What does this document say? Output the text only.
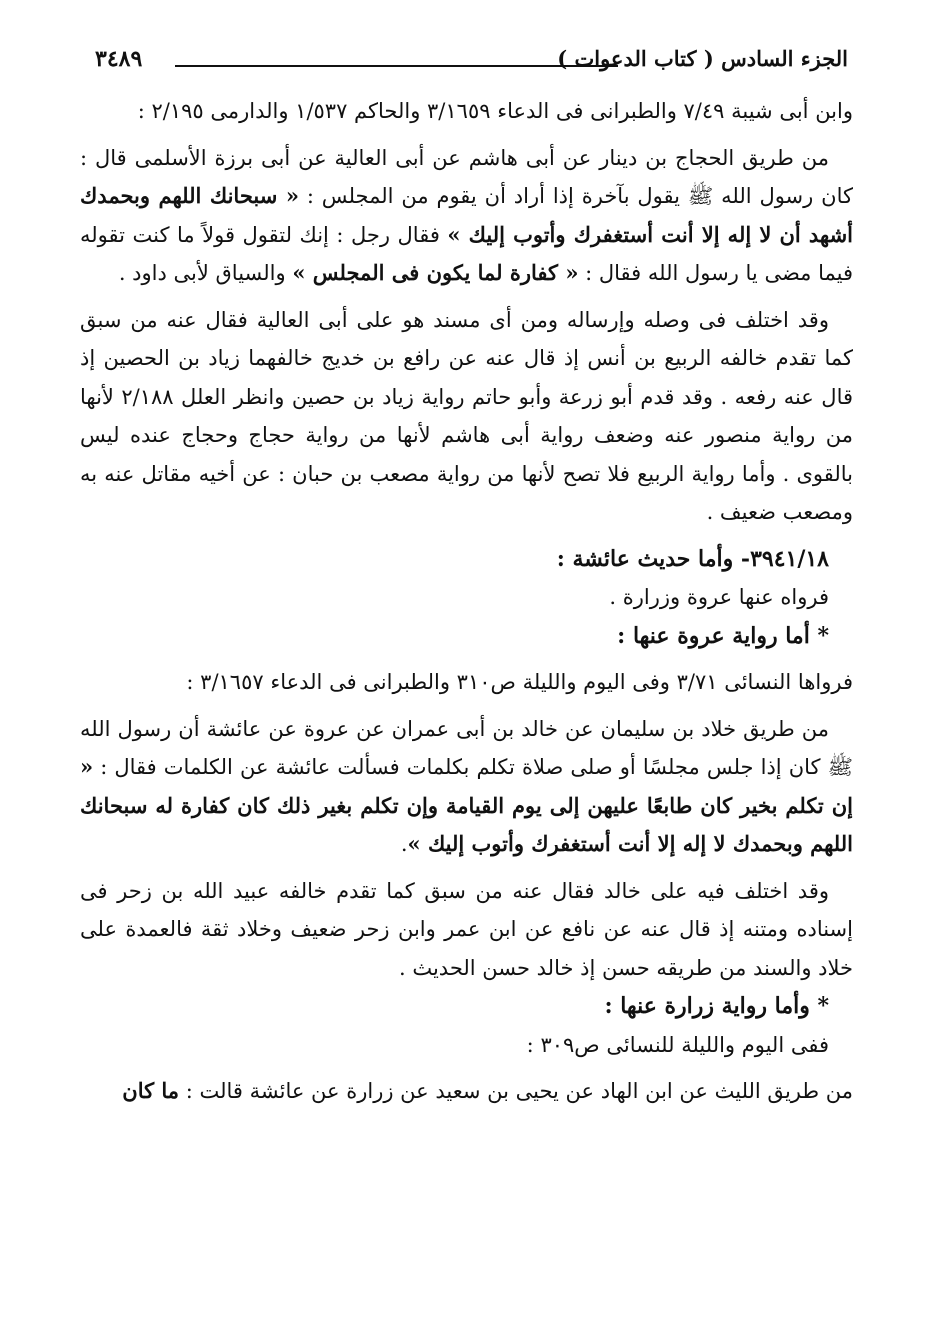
الجزء السادس ( كتاب الدعوات )
٣٤٨٩

وابن أبى شيبة ٧/٤٩ والطبرانى فى الدعاء ٣/١٦٥٩ والحاكم ١/٥٣٧ والدارمى ٢/١٩٥ :

من طريق الحجاج بن دينار عن أبى هاشم عن أبى العالية عن أبى برزة الأسلمى قال : كان رسول الله ﷺ يقول بآخرة إذا أراد أن يقوم من المجلس : « سبحانك اللهم وبحمدك أشهد أن لا إله إلا أنت أستغفرك وأتوب إليك » فقال رجل : إنك لتقول قولاً ما كنت تقوله فيما مضى يا رسول الله فقال : « كفارة لما يكون فى المجلس » والسياق لأبى داود .

وقد اختلف فى وصله وإرساله ومن أى مسند هو على أبى العالية فقال عنه من سبق كما تقدم خالفه الربيع بن أنس إذ قال عنه عن رافع بن خديج خالفهما زياد بن الحصين إذ قال عنه رفعه . وقد قدم أبو زرعة وأبو حاتم رواية زياد بن حصين وانظر العلل ٢/١٨٨ لأنها من رواية منصور عنه وضعف رواية أبى هاشم لأنها من رواية حجاج وحجاج عنده ليس بالقوى . وأما رواية الربيع فلا تصح لأنها من رواية مصعب بن حبان : عن أخيه مقاتل عنه به ومصعب ضعيف .

٣٩٤١/١٨- وأما حديث عائشة :

فرواه عنها عروة وزرارة .

* أما رواية عروة عنها :

فرواها النسائى ٣/٧١ وفى اليوم والليلة ص٣١٠ والطبرانى فى الدعاء ٣/١٦٥٧ :

من طريق خلاد بن سليمان عن خالد بن أبى عمران عن عروة عن عائشة أن رسول الله ﷺ كان إذا جلس مجلسًا أو صلى صلاة تكلم بكلمات فسألت عائشة عن الكلمات فقال : « إن تكلم بخير كان طابعًا عليهن إلى يوم القيامة وإن تكلم بغير ذلك كان كفارة له سبحانك اللهم وبحمدك لا إله إلا أنت أستغفرك وأتوب إليك ».

وقد اختلف فيه على خالد فقال عنه من سبق كما تقدم خالفه عبيد الله بن زحر فى إسناده ومتنه إذ قال عنه عن نافع عن ابن عمر وابن زحر ضعيف وخلاد ثقة فالعمدة على خلاد والسند من طريقه حسن إذ خالد حسن الحديث .

* وأما رواية زرارة عنها :

ففى اليوم والليلة للنسائى ص٣٠٩ :

من طريق الليث عن ابن الهاد عن يحيى بن سعيد عن زرارة عن عائشة قالت : ما كان
